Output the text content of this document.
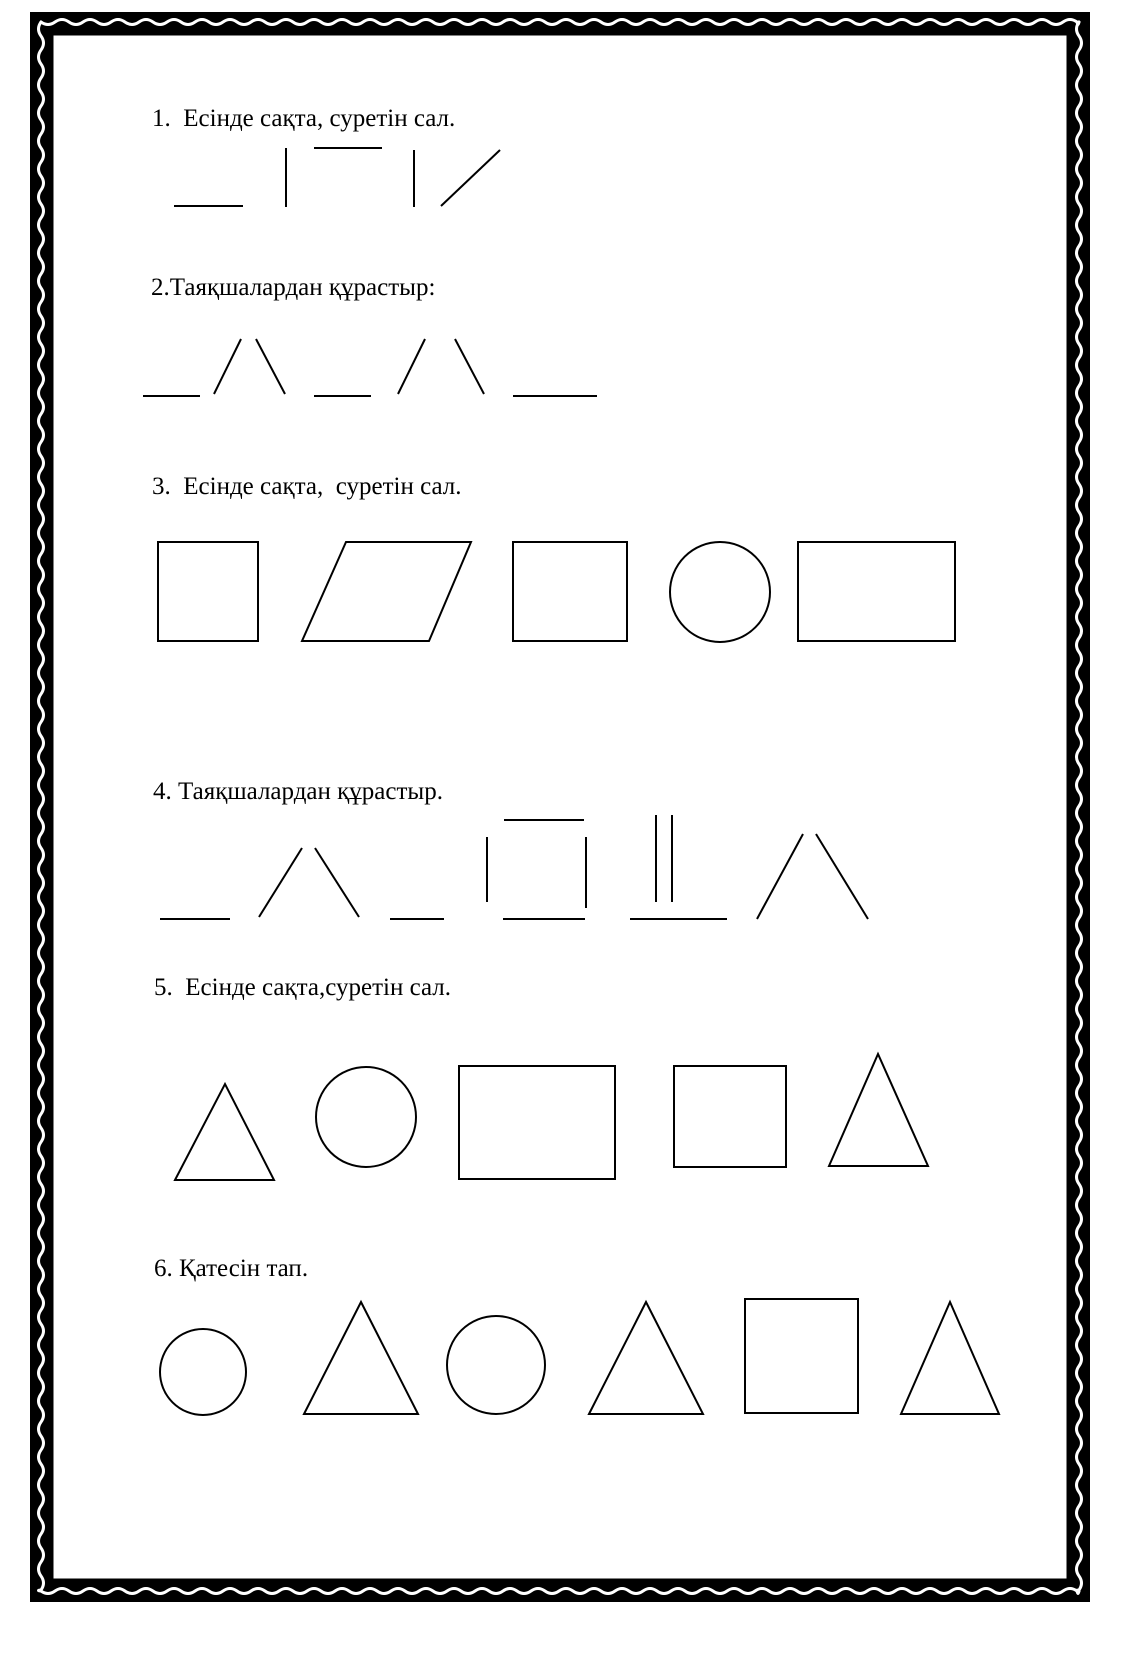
1.  Есінде сақта, суретін сал.
2.Таяқшалардан құрастыр:
3.  Есінде сақта,  суретін сал.
4. Таяқшалардан құрастыр.
5.  Есінде сақта,суретін сал.
6. Қатесін тап.
